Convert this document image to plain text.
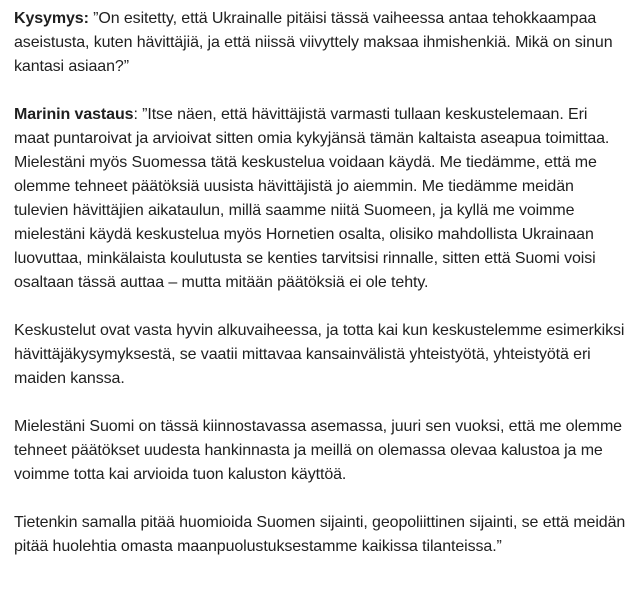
Kysymys: ”On esitetty, että Ukrainalle pitäisi tässä vaiheessa antaa tehokkaampaa aseistusta, kuten hävittäjiä, ja että niissä viivyttely maksaa ihmishenkiä. Mikä on sinun kantasi asiaan?”

Marinin vastaus: ”Itse näen, että hävittäjistä varmasti tullaan keskustelemaan. Eri maat puntaroivat ja arvioivat sitten omia kykyjänsä tämän kaltaista aseapua toimittaa. Mielestäni myös Suomessa tätä keskustelua voidaan käydä. Me tiedämme, että me olemme tehneet päätöksiä uusista hävittäjistä jo aiemmin. Me tiedämme meidän tulevien hävittäjien aikataulun, millä saamme niitä Suomeen, ja kyllä me voimme mielestäni käydä keskustelua myös Hornetien osalta, olisiko mahdollista Ukrainaan luovuttaa, minkälaista koulutusta se kenties tarvitsisi rinnalle, sitten että Suomi voisi osaltaan tässä auttaa – mutta mitään päätöksiä ei ole tehty.

Keskustelut ovat vasta hyvin alkuvaiheessa, ja totta kai kun keskustelemme esimerkiksi hävittäjäkysymyksestä, se vaatii mittavaa kansainvälistä yhteistyötä, yhteistyötä eri maiden kanssa.

Mielestäni Suomi on tässä kiinnostavassa asemassa, juuri sen vuoksi, että me olemme tehneet päätökset uudesta hankinnasta ja meillä on olemassa olevaa kalustoa ja me voimme totta kai arvioida tuon kaluston käyttöä.

Tietenkin samalla pitää huomioida Suomen sijainti, geopoliittinen sijainti, se että meidän pitää huolehtia omasta maanpuolustuksestamme kaikissa tilanteissa.”
